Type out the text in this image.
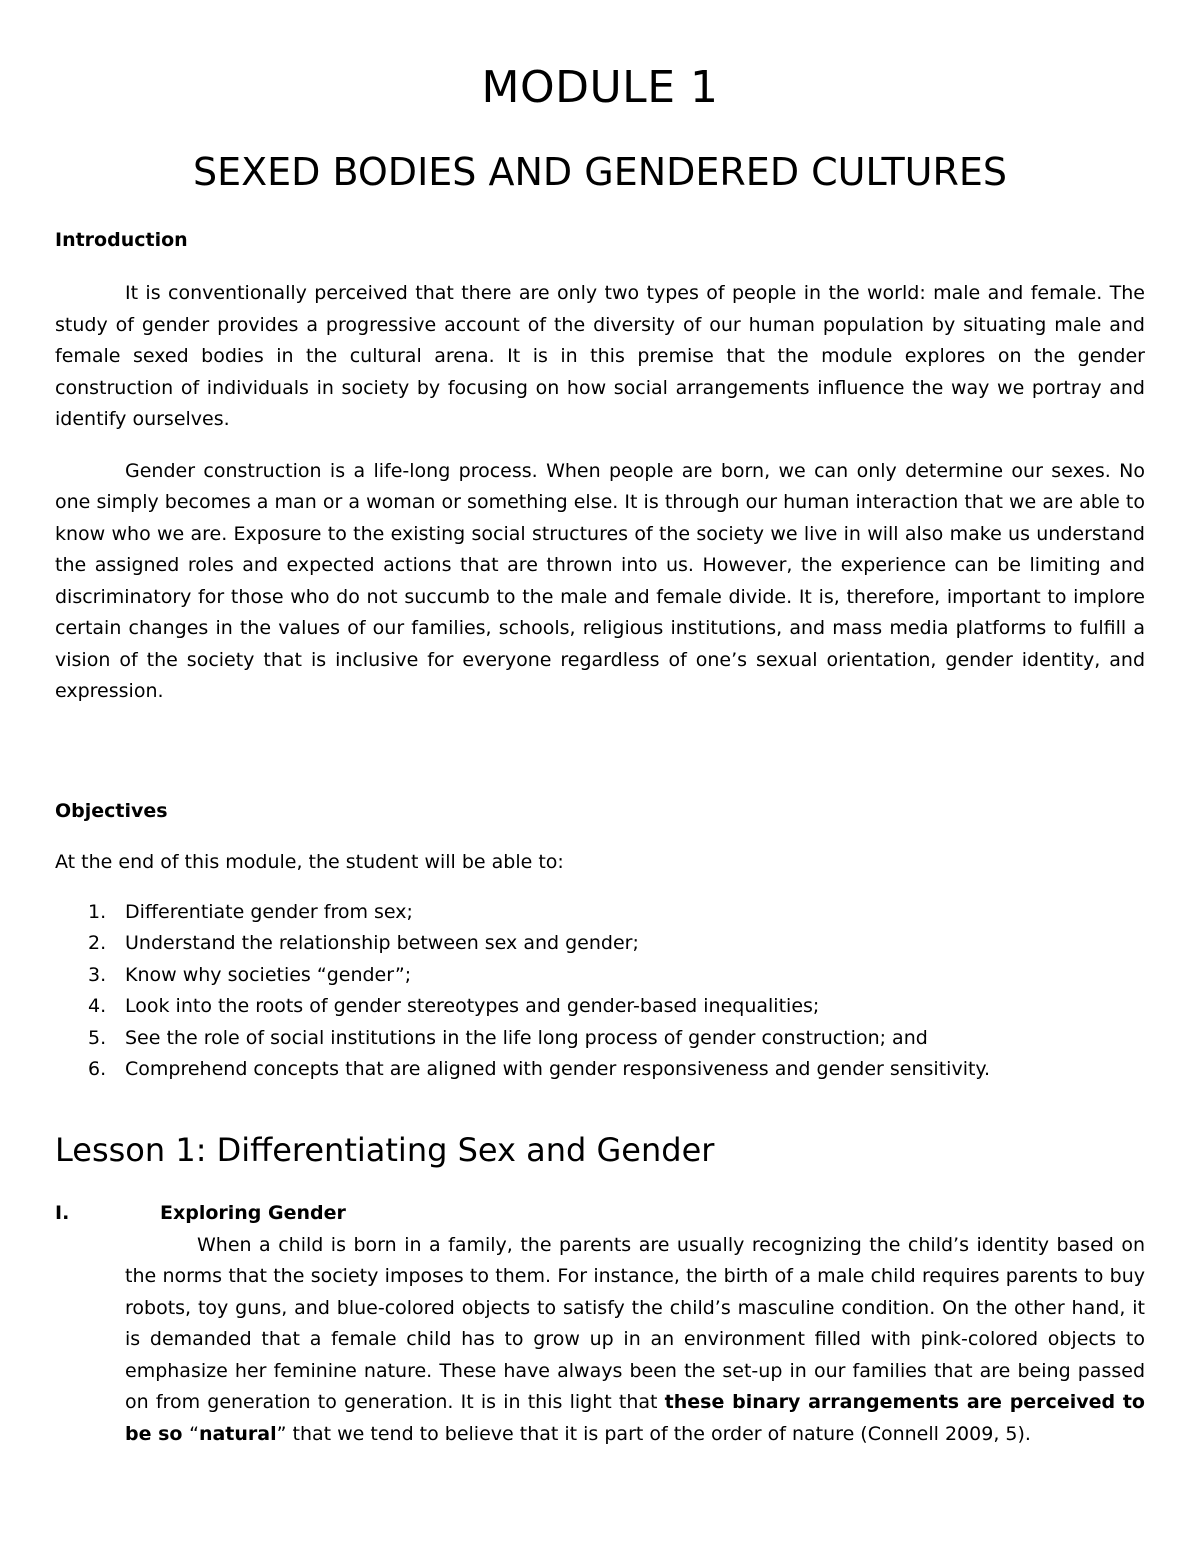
MODULE 1
SEXED BODIES AND GENDERED CULTURES
Introduction

It is conventionally perceived that there are only two types of people in the world: male and female. The study of gender provides a progressive account of the diversity of our human population by situating male and female sexed bodies in the cultural arena. It is in this premise that the module explores on the gender construction of individuals in society by focusing on how social arrangements influence the way we portray and identify ourselves.

Gender construction is a life-long process. When people are born, we can only determine our sexes. No one simply becomes a man or a woman or something else. It is through our human interaction that we are able to know who we are. Exposure to the existing social structures of the society we live in will also make us understand the assigned roles and expected actions that are thrown into us. However, the experience can be limiting and discriminatory for those who do not succumb to the male and female divide. It is, therefore, important to implore certain changes in the values of our families, schools, religious institutions, and mass media platforms to fulfill a vision of the society that is inclusive for everyone regardless of one’s sexual orientation, gender identity, and expression.

Objectives

At the end of this module, the student will be able to:

1. Differentiate gender from sex;
2. Understand the relationship between sex and gender;
3. Know why societies “gender”;
4. Look into the roots of gender stereotypes and gender-based inequalities;
5. See the role of social institutions in the life long process of gender construction; and
6. Comprehend concepts that are aligned with gender responsiveness and gender sensitivity.
Lesson 1: Differentiating Sex and Gender
I.	Exploring Gender

When a child is born in a family, the parents are usually recognizing the child’s identity based on the norms that the society imposes to them. For instance, the birth of a male child requires parents to buy robots, toy guns, and blue-colored objects to satisfy the child’s masculine condition. On the other hand, it is demanded that a female child has to grow up in an environment filled with pink-colored objects to emphasize her feminine nature. These have always been the set-up in our families that are being passed on from generation to generation. It is in this light that these binary arrangements are perceived to be so “natural” that we tend to believe that it is part of the order of nature (Connell 2009, 5).
